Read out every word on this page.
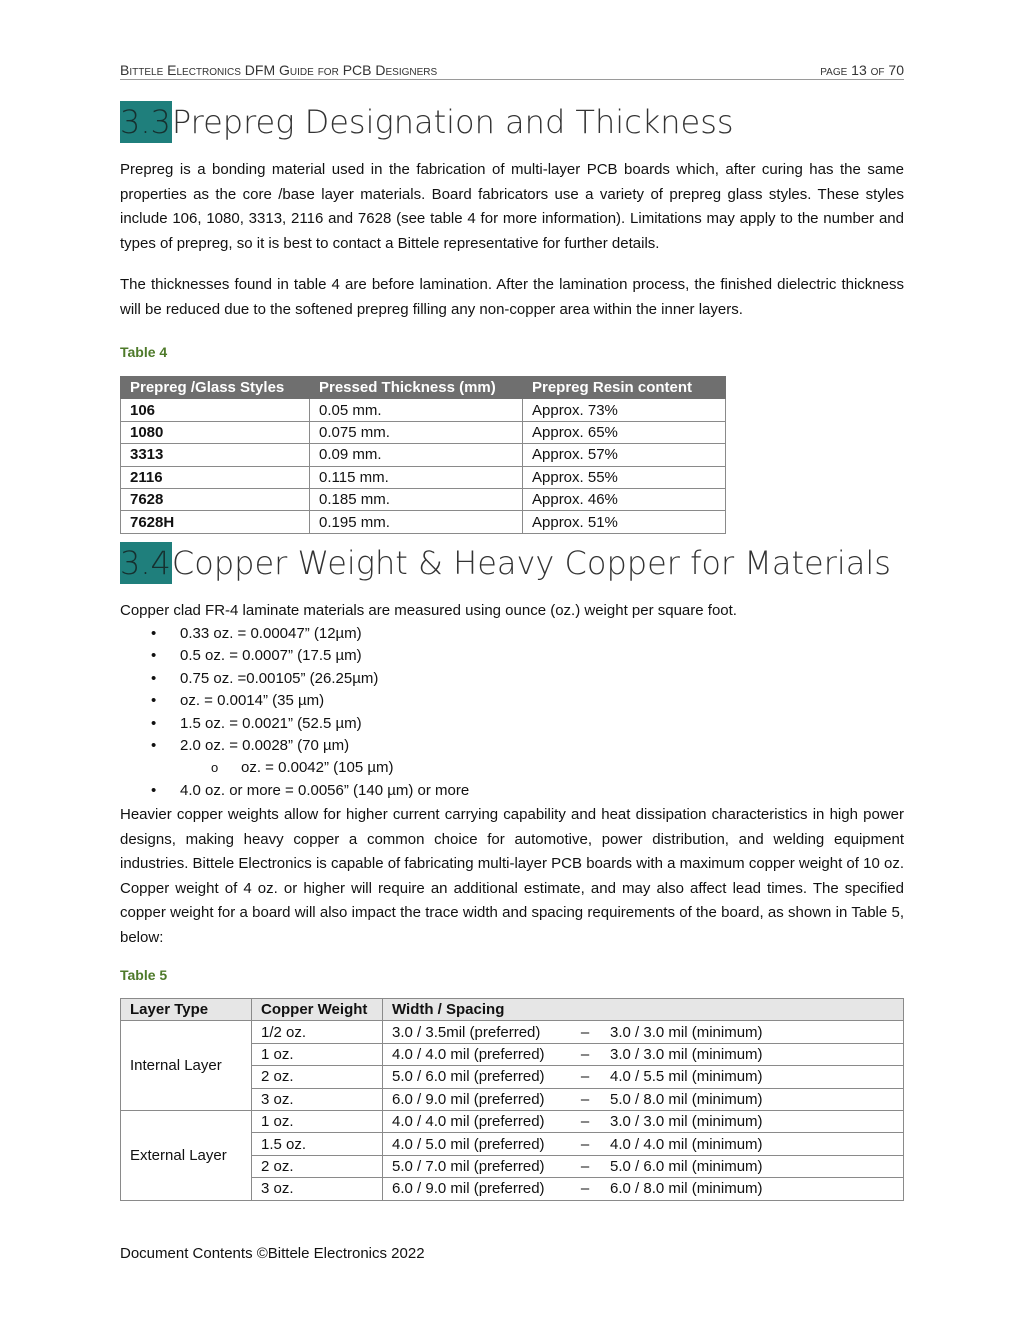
Bittele Electronics DFM Guide for PCB Designers	page 13 of 70
3.3Prepreg Designation and Thickness
Prepreg is a bonding material used in the fabrication of multi-layer PCB boards which, after curing has the same properties as the core /base layer materials. Board fabricators use a variety of prepreg glass styles. These styles include 106, 1080, 3313, 2116 and 7628 (see table 4 for more information). Limitations may apply to the number and types of prepreg, so it is best to contact a Bittele representative for further details.
The thicknesses found in table 4 are before lamination. After the lamination process, the finished dielectric thickness will be reduced due to the softened prepreg filling any non-copper area within the inner layers.
Table 4
Prepreg /Glass Styles	Pressed Thickness (mm)	Prepreg Resin content
106	0.05 mm.	Approx. 73%
1080	0.075 mm.	Approx. 65%
3313	0.09 mm.	Approx. 57%
2116	0.115 mm.	Approx. 55%
7628	0.185 mm.	Approx. 46%
7628H	0.195 mm.	Approx. 51%
3.4Copper Weight & Heavy Copper for Materials
Copper clad FR-4 laminate materials are measured using ounce (oz.) weight per square foot.
• 0.33 oz. = 0.00047” (12µm)
• 0.5 oz. = 0.0007” (17.5 µm)
• 0.75 oz. =0.00105” (26.25µm)
• oz. = 0.0014” (35 µm)
• 1.5 oz. = 0.0021” (52.5 µm)
• 2.0 oz. = 0.0028” (70 µm)
o oz. = 0.0042” (105 µm)
• 4.0 oz. or more = 0.0056” (140 µm) or more
Heavier copper weights allow for higher current carrying capability and heat dissipation characteristics in high power designs, making heavy copper a common choice for automotive, power distribution, and welding equipment industries. Bittele Electronics is capable of fabricating multi-layer PCB boards with a maximum copper weight of 10 oz. Copper weight of 4 oz. or higher will require an additional estimate, and may also affect lead times. The specified copper weight for a board will also impact the trace width and spacing requirements of the board, as shown in Table 5, below:
Table 5
Layer Type	Copper Weight	Width / Spacing
Internal Layer	1/2 oz.	3.0 / 3.5mil (preferred) – 3.0 / 3.0 mil (minimum)

	1 oz.	4.0 / 4.0 mil (preferred) – 3.0 / 3.0 mil (minimum)

	2 oz.	5.0 / 6.0 mil (preferred) – 4.0 / 5.5 mil (minimum)

	3 oz.	6.0 / 9.0 mil (preferred) – 5.0 / 8.0 mil (minimum)

External Layer	1 oz.	4.0 / 4.0 mil (preferred) – 3.0 / 3.0 mil (minimum)

	1.5 oz.	4.0 / 5.0 mil (preferred) – 4.0 / 4.0 mil (minimum)

	2 oz.	5.0 / 7.0 mil (preferred) – 5.0 / 6.0 mil (minimum)

	3 oz.	6.0 / 9.0 mil (preferred) – 6.0 / 8.0 mil (minimum)
Document Contents ©Bittele Electronics 2022
